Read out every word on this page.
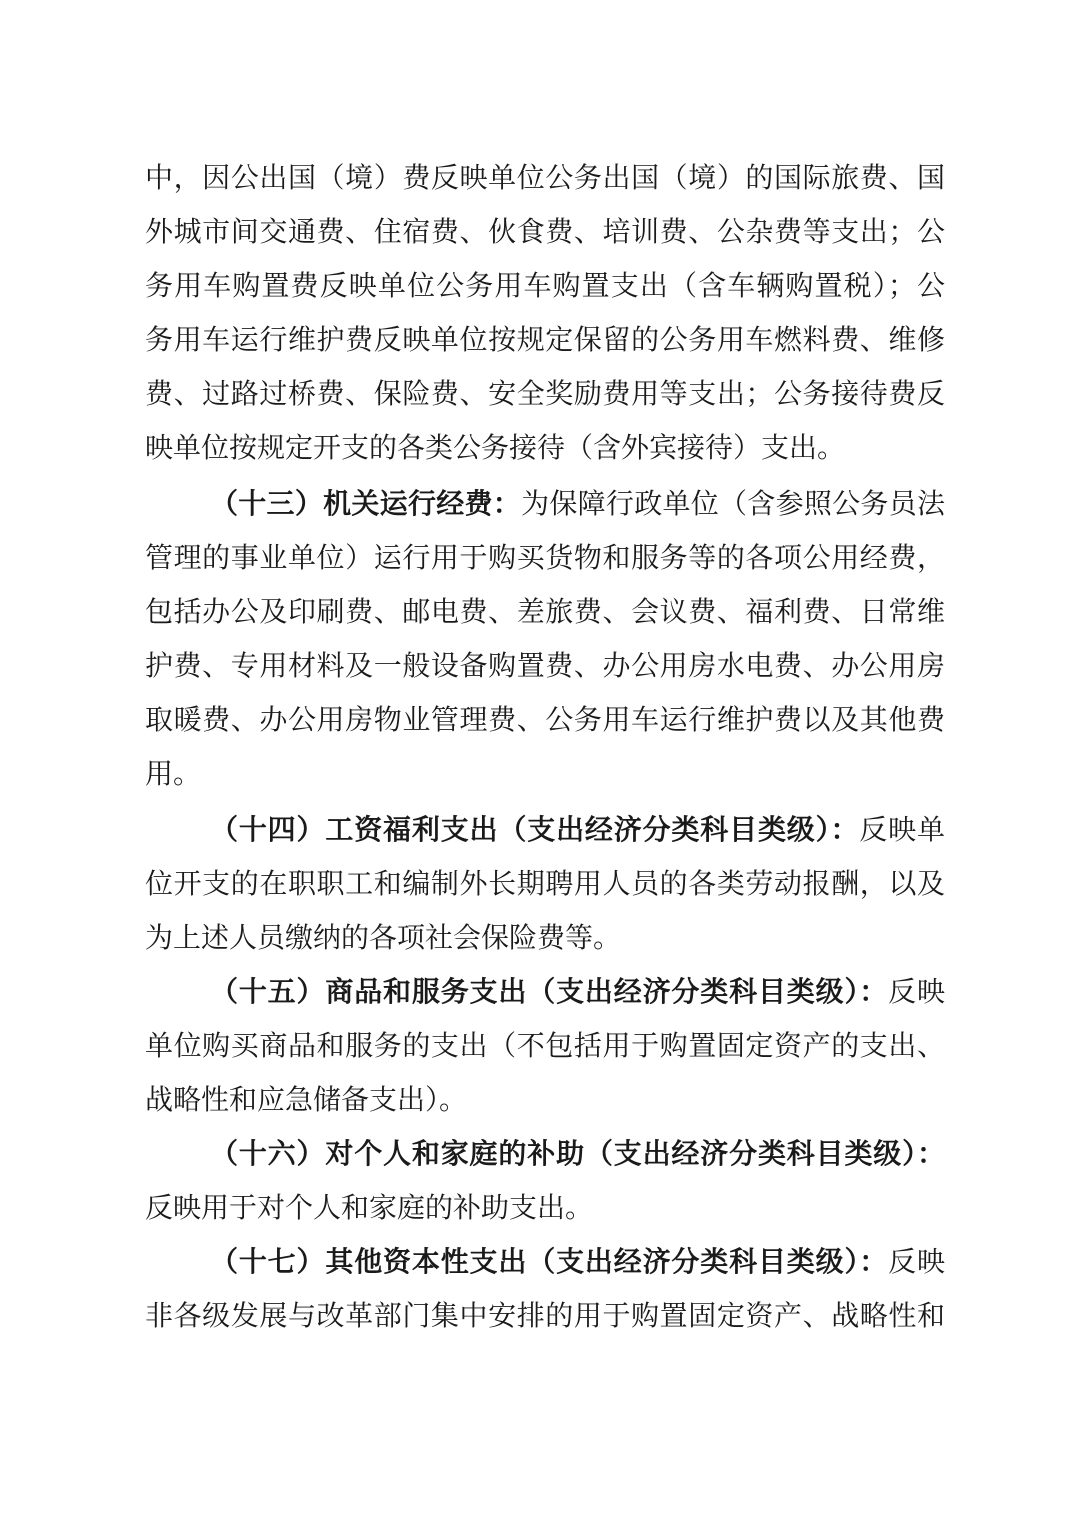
中，因公出国（境）费反映单位公务出国（境）的国际旅费、国
外城市间交通费、住宿费、伙食费、培训费、公杂费等支出；公
务用车购置费反映单位公务用车购置支出（含车辆购置税）；公
务用车运行维护费反映单位按规定保留的公务用车燃料费、维修
费、过路过桥费、保险费、安全奖励费用等支出；公务接待费反
映单位按规定开支的各类公务接待（含外宾接待）支出。
（十三）机关运行经费：为保障行政单位（含参照公务员法
管理的事业单位）运行用于购买货物和服务等的各项公用经费，
包括办公及印刷费、邮电费、差旅费、会议费、福利费、日常维
护费、专用材料及一般设备购置费、办公用房水电费、办公用房
取暖费、办公用房物业管理费、公务用车运行维护费以及其他费
用。
（十四）工资福利支出（支出经济分类科目类级）：反映单
位开支的在职职工和编制外长期聘用人员的各类劳动报酬，以及
为上述人员缴纳的各项社会保险费等。
（十五）商品和服务支出（支出经济分类科目类级）：反映
单位购买商品和服务的支出（不包括用于购置固定资产的支出、
战略性和应急储备支出）。
（十六）对个人和家庭的补助（支出经济分类科目类级）：
反映用于对个人和家庭的补助支出。
（十七）其他资本性支出（支出经济分类科目类级）：反映
非各级发展与改革部门集中安排的用于购置固定资产、战略性和
